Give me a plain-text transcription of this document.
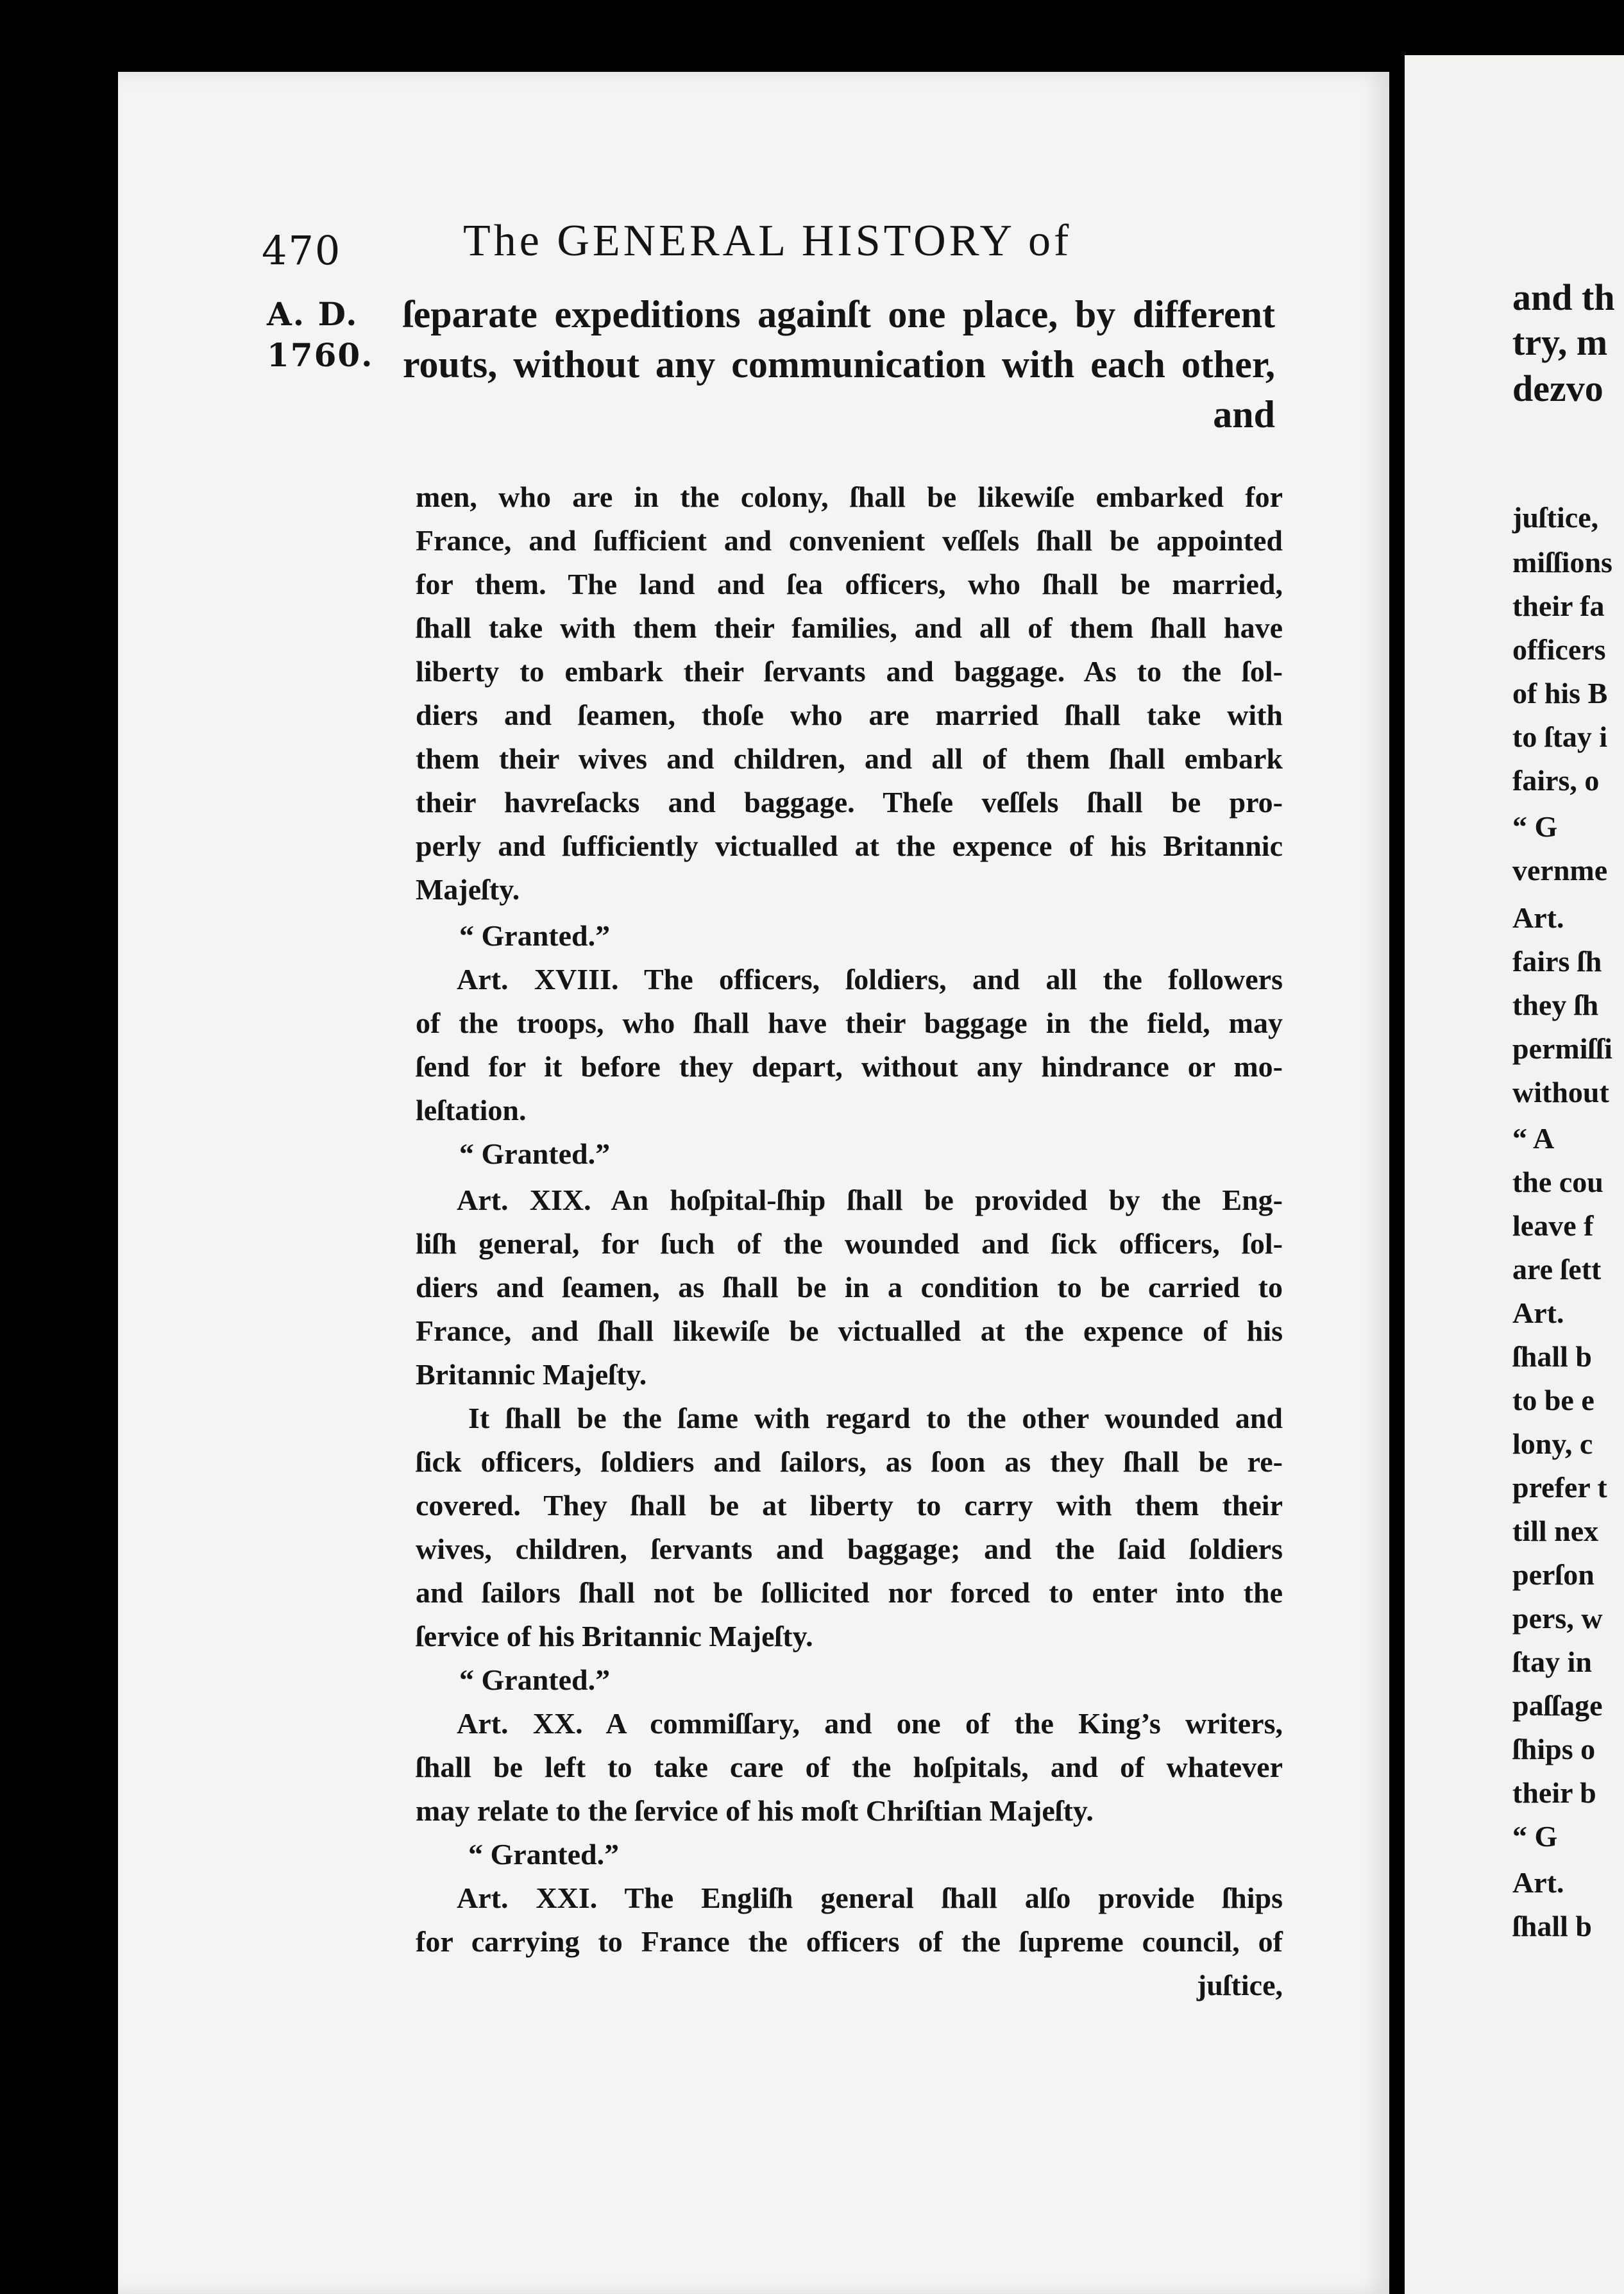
470	The GENERAL HISTORY of
A. D.
1760.
ſeparate expeditions againſt one place, by different
routs, without any communication with each other,
and
men, who are in the colony, ſhall be likewiſe embarked for
France, and ſufficient and convenient veſſels ſhall be appointed
for them. The land and ſea officers, who ſhall be married,
ſhall take with them their families, and all of them ſhall have
liberty to embark their ſervants and baggage. As to the ſol-
diers and ſeamen, thoſe who are married ſhall take with
them their wives and children, and all of them ſhall embark
their havreſacks and baggage. Theſe veſſels ſhall be pro-
perly and ſufficiently victualled at the expence of his Britannic
Majeſty.
“ Granted.”
Art. XVIII. The officers, ſoldiers, and all the followers
of the troops, who ſhall have their baggage in the field, may
ſend for it before they depart, without any hindrance or mo-
leſtation.
“ Granted.”
Art. XIX. An hoſpital-ſhip ſhall be provided by the Eng-
liſh general, for ſuch of the wounded and ſick officers, ſol-
diers and ſeamen, as ſhall be in a condition to be carried to
France, and ſhall likewiſe be victualled at the expence of his
Britannic Majeſty.
It ſhall be the ſame with regard to the other wounded and
ſick officers, ſoldiers and ſailors, as ſoon as they ſhall be re-
covered. They ſhall be at liberty to carry with them their
wives, children, ſervants and baggage; and the ſaid ſoldiers
and ſailors ſhall not be ſollicited nor forced to enter into the
ſervice of his Britannic Majeſty.
“ Granted.”
Art. XX. A commiſſary, and one of the King’s writers,
ſhall be left to take care of the hoſpitals, and of whatever
may relate to the ſervice of his moſt Chriſtian Majeſty.
“ Granted.”
Art. XXI. The Engliſh general ſhall alſo provide ſhips
for carrying to France the officers of the ſupreme council, of
juſtice,
and th
try, m
dezvo
juſtice,
miſſions
their fa
officers
of his B
to ſtay i
fairs, o
“ G
vernme
Art.
fairs ſh
they ſh
permiſſi
without
“ A
the cou
leave f
are ſett
Art.
ſhall b
to be e
lony, c
prefer t
till nex
perſon
pers, w
ſtay in
paſſage
ſhips o
their b
“ G
Art.
ſhall b
